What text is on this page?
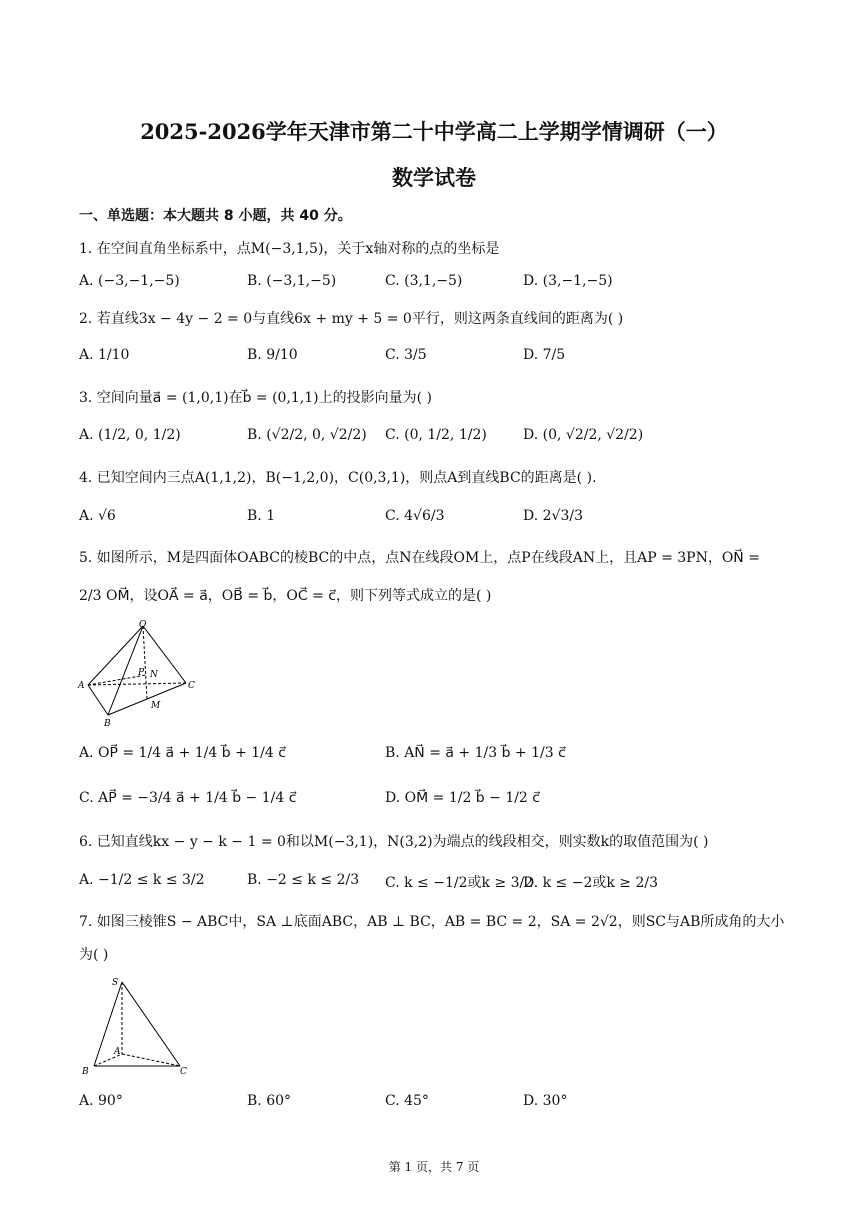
2025-2026学年天津市第二十中学高二上学期学情调研（一）
数学试卷
一、单选题：本大题共 8 小题，共 40 分。
1. 在空间直角坐标系中，点M(−3,1,5)，关于x轴对称的点的坐标是
A. (−3,−1,−5)	B. (−3,1,−5)	C. (3,1,−5)	D. (3,−1,−5)
2. 若直线3x − 4y − 2 = 0与直线6x + my + 5 = 0平行，则这两条直线间的距离为( )
A. 1/10	B. 9/10	C. 3/5	D. 7/5
3. 空间向量a⃗ = (1,0,1)在b⃗ = (0,1,1)上的投影向量为( )
A. (1/2, 0, 1/2)	B. (√2/2, 0, √2/2) C. (0, 1/2, 1/2)	D. (0, √2/2, √2/2)
4. 已知空间内三点A(1,1,2)，B(−1,2,0)，C(0,3,1)，则点A到直线BC的距离是( ).
A. √6	B. 1	C. 4√6/3	D. 2√3/3
5. 如图所示，M是四面体OABC的棱BC的中点，点N在线段OM上，点P在线段AN上，且AP = 3PN，ON⃗ =
2/3 OM⃗，设OA⃗ = a⃗，OB⃗ = b⃗，OC⃗ = c⃗，则下列等式成立的是( )
O
A
B
C
M
N
P
A. OP⃗ = 1/4 a⃗ + 1/4 b⃗ + 1/4 c⃗	B. AN⃗ = a⃗ + 1/3 b⃗ + 1/3 c⃗
C. AP⃗ = −3/4 a⃗ + 1/4 b⃗ − 1/4 c⃗	D. OM⃗ = 1/2 b⃗ − 1/2 c⃗
6. 已知直线kx − y − k − 1 = 0和以M(−3,1)，N(3,2)为端点的线段相交，则实数k的取值范围为( )
A. −1/2 ≤ k ≤ 3/2	B. −2 ≤ k ≤ 2/3 C. k ≤ −1/2或k ≥ 3/2
D. k ≤ −2或k ≥ 2/3
7. 如图三棱锥S − ABC中，SA ⊥底面ABC，AB ⊥ BC，AB = BC = 2，SA = 2√2，则SC与AB所成角的大小
为( )
S
A
B	C
A. 90°	B. 60°	C. 45°	D. 30°
第 1 页，共 7 页
